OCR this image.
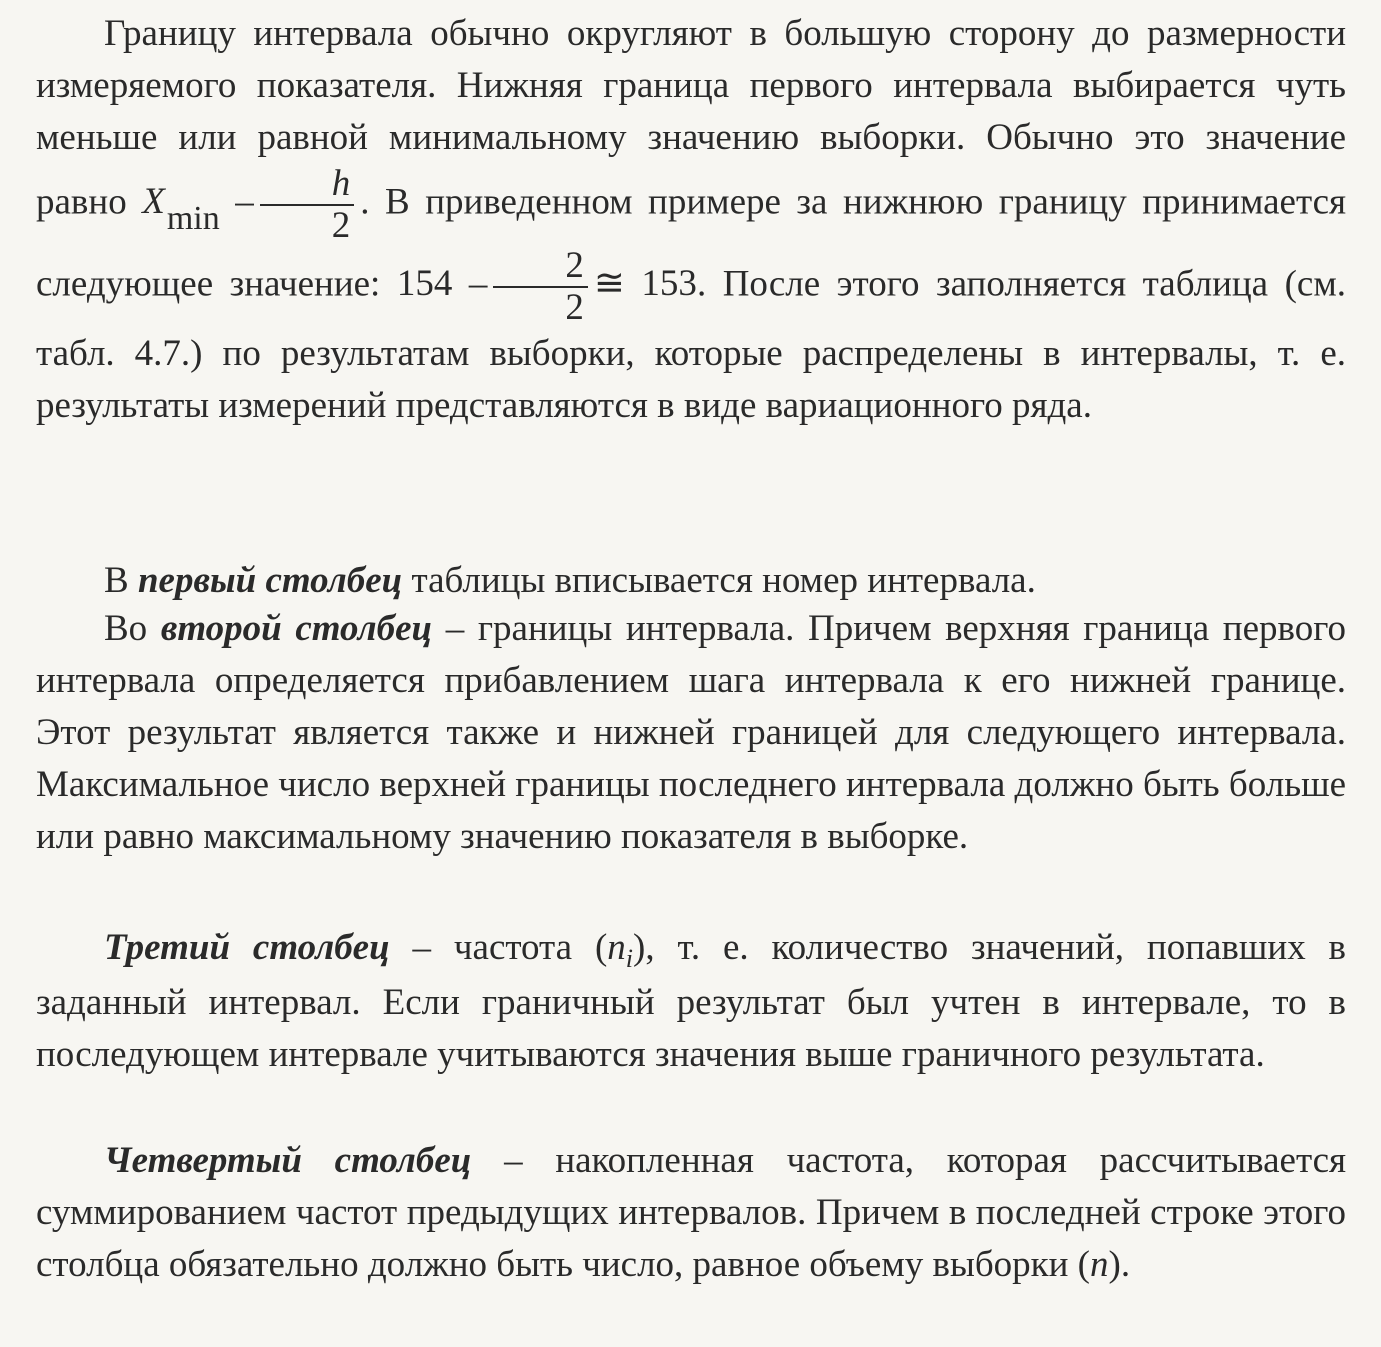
Границу интервала обычно округляют в большую сторону до размерности измеряемого показателя. Нижняя граница первого интервала выбирается чуть меньше или равной минимальному значению выборки. Обычно это значение равно Xmin – $\frac{h}{2}$ . В приведенном примере за нижнюю границу принимается следующее значение: $154 - \frac{2}{2}$ ≅ 153. После этого заполняется таблица (см. табл. 4.7.) по результатам выборки, которые распределены в интервалы, т. е. результаты измерений представляются в виде вариационного ряда.

В первый столбец таблицы вписывается номер интервала.

Во второй столбец – границы интервала. Причем верхняя граница первого интервала определяется прибавлением шага интервала к его нижней границе. Этот результат является также и нижней границей для следующего интервала. Максимальное число верхней границы последнего интервала должно быть больше или равно максимальному значению показателя в выборке.

Третий столбец – частота $(n_i)$, т. е. количество значений, попавших в заданный интервал. Если граничный результат был учтен в интервале, то в последующем интервале учитываются значения выше граничного результата.

Четвертый столбец – накопленная частота, которая рассчитывается суммированием частот предыдущих интервалов. Причем в последней строке этого столбца обязательно должно быть число, равное объему выборки (n).
